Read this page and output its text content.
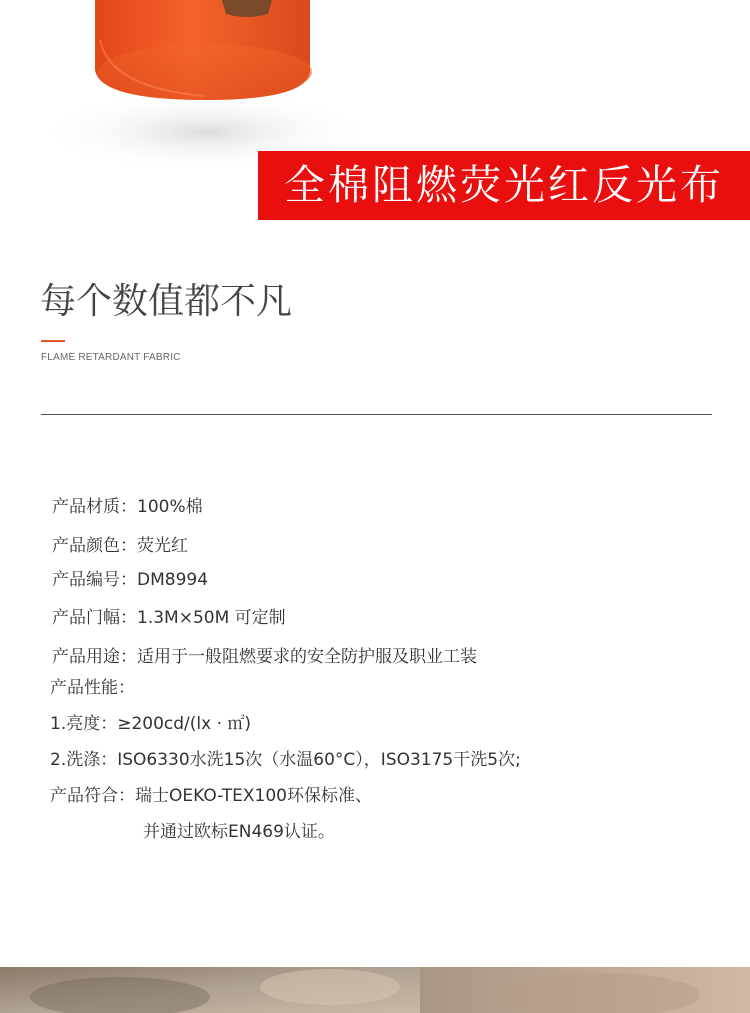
全棉阻燃荧光红反光布
每个数值都不凡
FLAME RETARDANT FABRIC
产品材质：100%棉
产品颜色：荧光红
产品编号：DM8994
产品门幅：1.3M×50M 可定制
产品用途：适用于一般阻燃要求的安全防护服及职业工装
产品性能：
1.亮度：≥200cd/(lx · ㎡)
2.洗涤：ISO6330水洗15次（水温60°C），ISO3175干洗5次;
产品符合：瑞士OEKO-TEX100环保标准、
并通过欧标EN469认证。
